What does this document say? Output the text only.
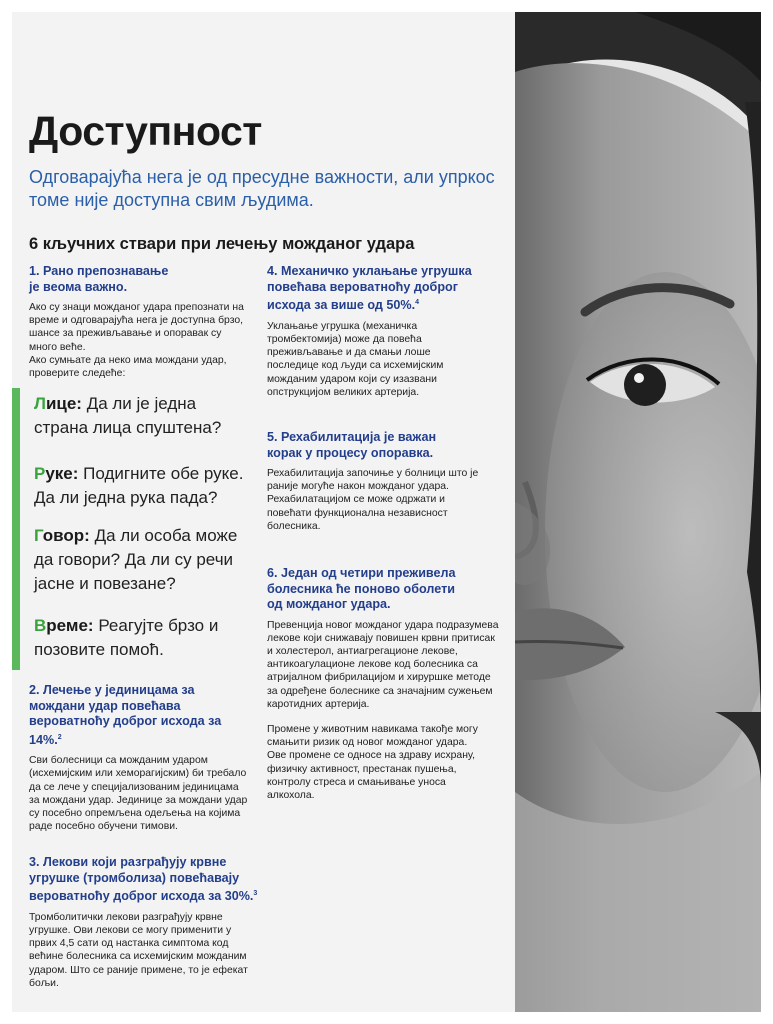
Доступност

Одговарајућа нега је од пресудне важности, али упркос томе није доступна свим људима.

6 кључних ствари при лечењу можданог удара

1. Рано препознавање је веома важно.

Ако су знаци можданог удара препознати на време и одговарајућа нега је доступна брзо, шансе за преживљавање и опоравак су много веће.

Ако сумњате да неко има мождани удар, проверите следеће:

Лице: Да ли је једна страна лица спуштена?
Руке: Подигните обе руке. Да ли једна рука пада?
Говор: Да ли особа може да говори? Да ли су речи јасне и повезане?
Време: Реагујте брзо и позовите помоћ.

2. Лечење у јединицама за мождани удар повећава вероватноћу доброг исхода за 14%.$^2$

Сви болесници са можданим ударом (исхемијским или хеморагијским) би требало да се лече у специјализованим јединицама за мождани удар. Јединице за мождани удар су посебно опремљена одељења на којима раде посебно обучени тимови.

3. Лекови који разграђују крвне угрушке (тромболиза) повећавају вероватноћу доброг исхода за 30%.$^3$

Тромболитички лекови разграђују крвне угрушке. Ови лекови се могу применити у првих 4,5 сати од настанка симптома код већине болесника са исхемијским можданим ударом. Што се раније примене, то је ефекат бољи.

4. Механичко уклањање угрушка повећава вероватноћу доброг исхода за више од 50%.$^4$

Уклањање угрушка (механичка тромбектомија) може да повећа преживљавање и да смањи лоше последице код људи са исхемијским можданим ударом који су изазвани опструкцијом великих артерија.

5. Рехабилитација је важан корак у процесу опоравка.

Рехабилитација започиње у болници што је раније могуће након можданог удара. Рехабилатацијом се може одржати и повећати функционална независност болесника.

6. Један од четири преживела болесника ће поново оболети од можданог удара.

Превенција новог можданог удара подразумева лекове који снижавају повишен крвни притисак и холестерол, антиагрегационе лекове, антикоагулационе лекове код болесника са атријалном фибрилацијом и хируршке методе за одређене болеснике са значајним сужењем каротидних артерија.

Промене у животним навикама такође могу смањити ризик од новог можданог удара. Ове промене се односе на здраву исхрану, физичку активност, престанак пушења, контролу стреса и смањивање уноса алкохола.
